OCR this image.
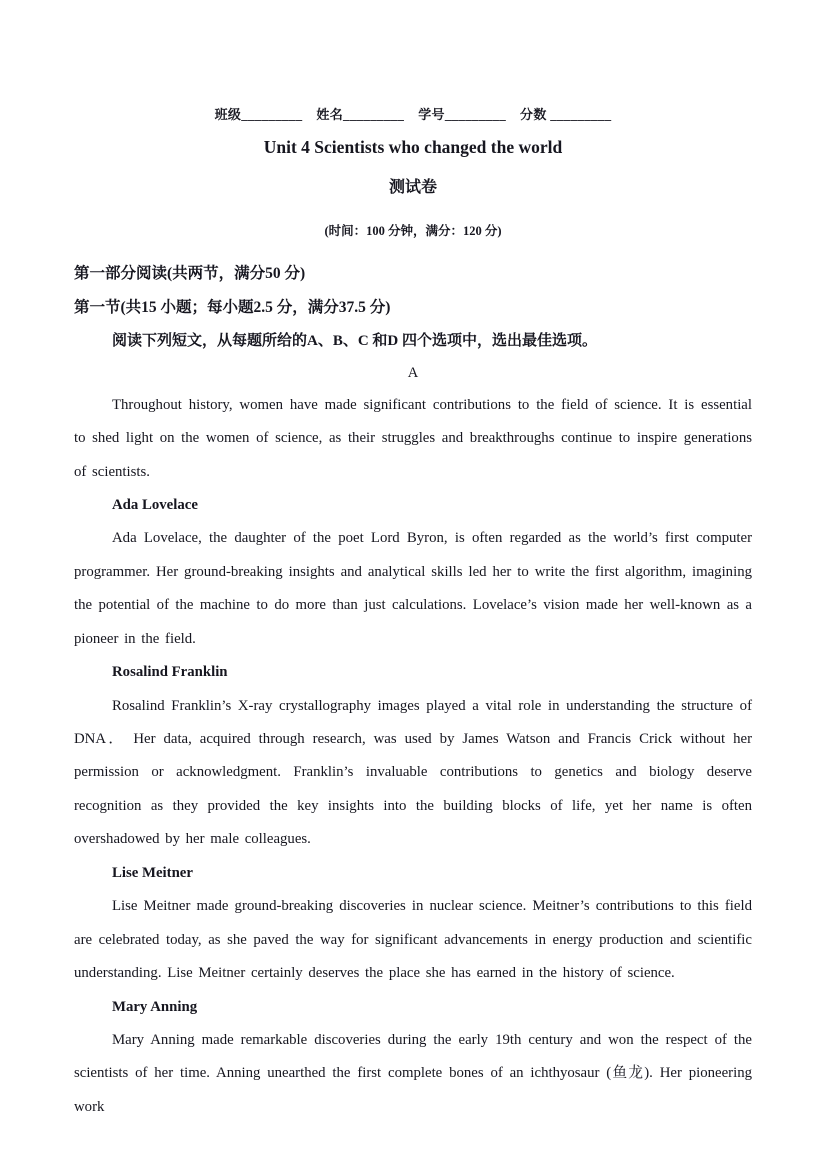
班级_________ 姓名_________ 学号_________ 分数 _________
Unit 4 Scientists who changed the world
测试卷
(时间：100 分钟，满分：120 分)
第一部分阅读(共两节，满分50 分)
第一节(共15 小题；每小题2.5 分，满分37.5 分)
阅读下列短文，从每题所给的A、B、C 和D 四个选项中，选出最佳选项。
A
Throughout history, women have made significant contributions to the field of science. It is essential to shed light on the women of science, as their struggles and breakthroughs continue to inspire generations of scientists.
Ada Lovelace
Ada Lovelace, the daughter of the poet Lord Byron, is often regarded as the world’s first computer programmer. Her ground-breaking insights and analytical skills led her to write the first algorithm, imagining the potential of the machine to do more than just calculations. Lovelace’s vision made her well-known as a pioneer in the field.
Rosalind Franklin
Rosalind Franklin’s X-ray crystallography images played a vital role in understanding the structure of DNA． Her data, acquired through research, was used by James Watson and Francis Crick without her permission or acknowledgment. Franklin’s invaluable contributions to genetics and biology deserve recognition as they provided the key insights into the building blocks of life, yet her name is often overshadowed by her male colleagues.
Lise Meitner
Lise Meitner made ground-breaking discoveries in nuclear science. Meitner’s contributions to this field are celebrated today, as she paved the way for significant advancements in energy production and scientific understanding. Lise Meitner certainly deserves the place she has earned in the history of science.
Mary Anning
Mary Anning made remarkable discoveries during the early 19th century and won the respect of the scientists of her time. Anning unearthed the first complete bones of an ichthyosaur (鱼龙). Her pioneering work
